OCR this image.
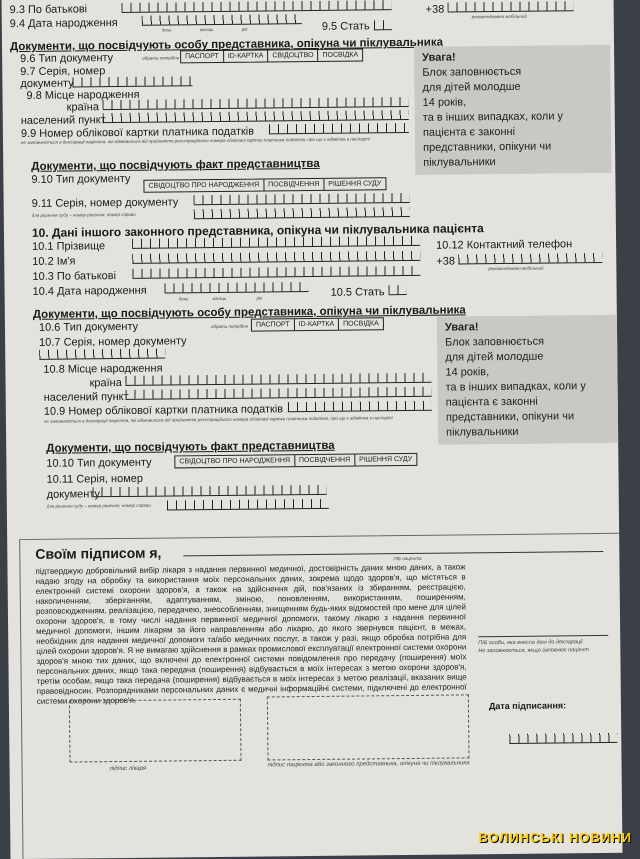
9.3 По батькові
9.4 Дата народження	день	місяць	рік	9.5 Стать
+38
рекомендовано мобільний
Документи, що посвідчують особу представника, опікуна чи піклувальника
9.6 Тип документу	обрати потрібне ПАСПОРТ	ID-КАРТКА	СВІДОЦТВО	ПОСВІДКА
9.7 Серія, номер
документу
9.8 Місце народження
країна
населений пункт
9.9 Номер облікової картки платника податків
не заповнюється в декларації пацієнта, які відмовилися від прийняття реєстраційного номера облікової картки платника податків, про що є відмітка в паспорті
Увага!
Блок заповнюється
для дітей молодше
14 років,
та в інших випадках, коли у
пацієнта є законні
представники, опікуни чи
піклувальники
Документи, що посвідчують факт представництва
9.10 Тип документу	СВІДОЦТВО ПРО НАРОДЖЕННЯ	ПОСВІДЧЕННЯ	РІШЕННЯ СУДУ
9.11 Серія, номер документу
для рішення суду – номер рішення, номер справи
10. Дані іншого законного представника, опікуна чи піклувальника пацієнта
10.1 Прізвище
10.2 Ім'я
10.3 По батькові
10.4 Дата народження
день	місяць	рік	10.5 Стать
10.12 Контактний телефон
+38
рекомендовано мобільний
Документи, що посвідчують особу представника, опікуна чи піклувальника
10.6 Тип документу	обрати потрібне	ПАСПОРТ	ID-КАРТКА	ПОСВІДКА
10.7 Серія, номер документу
10.8 Місце народження
країна
населений пункт
10.9 Номер облікової картки платника податків
не заповнюється в декларації пацієнта, які відмовилися від прийняття реєстраційного номера облікової картки платника податків, про що є відмітка в паспорті
Увага!
Блок заповнюється
для дітей молодше
14 років,
та в інших випадках, коли у
пацієнта є законні
представники, опікуни чи
піклувальники
Документи, що посвідчують факт представництва
10.10 Тип документу	СВІДОЦТВО ПРО НАРОДЖЕННЯ	ПОСВІДЧЕННЯ	РІШЕННЯ СУДУ
10.11 Серія, номер
документу
для рішення суду – номер рішення, номер справи
Своїм підписом я,	ПІБ пацієнта
підтверджую добровільний вибір лікаря з надання первинної медичної, достовірність даних мною даних, а також надаю згоду на обробку та використання моїх персональних даних, зокрема щодо здоров'я, що містяться в електронній системі охорони здоров'я, а також на здійснення дій, пов'язаних із збиранням, реєстрацією, накопиченням, зберіганням, адаптуванням, зміною, поновленням, використанням, поширенням, розповсюдженням, реалізацією, передачею, знеособленням, знищенням будь-яких відомостей про мене для цілей охорони здоров'я, в тому числі надання первинної медичної допомоги, такому лікарю з надання первинної медичної допомоги, іншим лікарям за його направленням або лікарю, до якого звернувся пацієнт, в межах, необхідних для надання медичної допомоги та/або медичних послуг, а також у разі, якщо обробка потрібна для цілей охорони здоров'я. Я не вимагаю здійснення в рамках промислової експлуатації електронної системи охорони здоров'я мною тих даних, що включені до електронної системи повідомлення про передачу (поширення) моїх персональних даних, якщо така передача (поширення) відбувається в моїх інтересах з метою охорони здоров'я, третім особам, якщо така передача (поширення) відбувається в моїх інтересах з метою реалізації, вказаних вище правовідносин. Розпорядниками персональних даних є медичні інформаційні системи, підключені до електронної системи охорони здоров'я.
ПІБ особи, яка внесла дані до декларації
Не заповнюється, якщо заповнює пацієнт
Дата підписання:
підпис лікаря
підпис пацієнта або законного представника, опікуна чи піклувальника
ВОЛИНСЬКІ НОВИНИ
